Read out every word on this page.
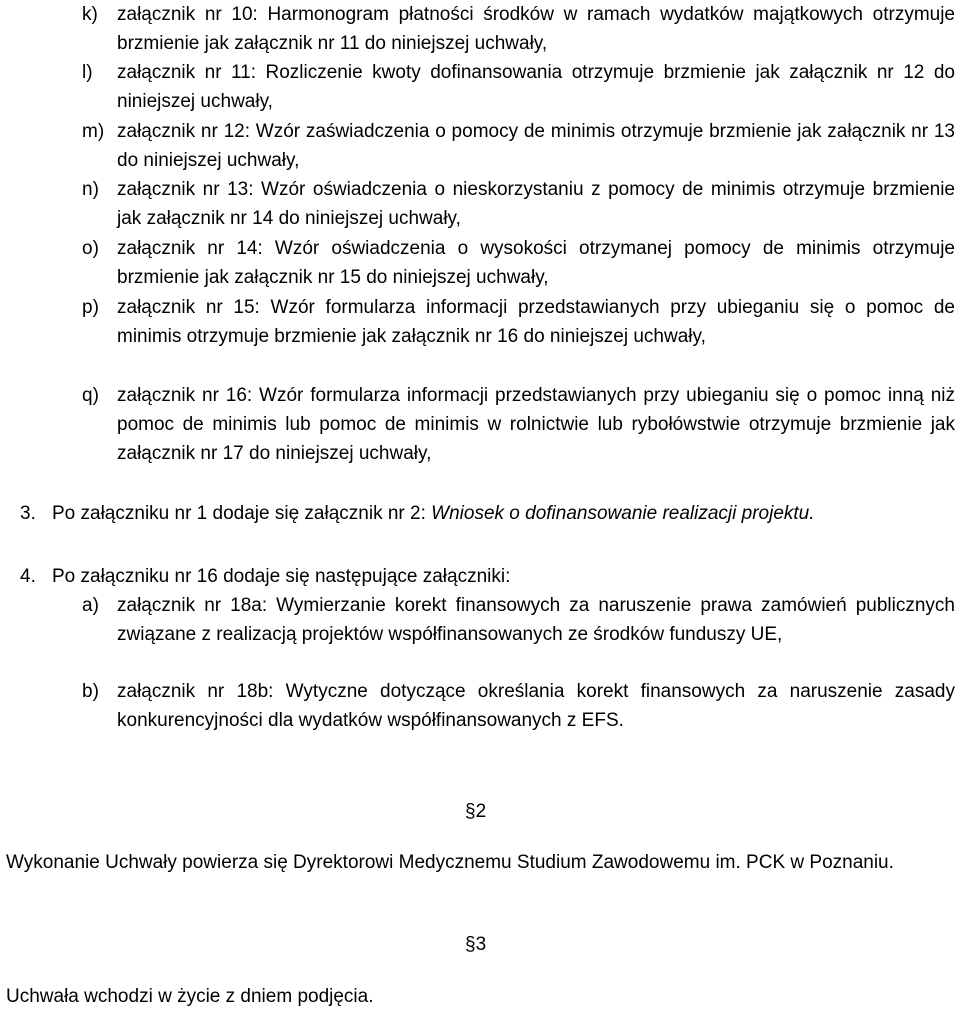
k) załącznik nr 10: Harmonogram płatności środków w ramach wydatków majątkowych otrzymuje brzmienie jak załącznik nr 11 do niniejszej uchwały,
l) załącznik nr 11: Rozliczenie kwoty dofinansowania otrzymuje brzmienie jak załącznik nr 12 do niniejszej uchwały,
m) załącznik nr 12: Wzór zaświadczenia o pomocy de minimis otrzymuje brzmienie jak załącznik nr 13 do niniejszej uchwały,
n) załącznik nr 13: Wzór oświadczenia o nieskorzystaniu z pomocy de minimis otrzymuje brzmienie jak załącznik nr 14 do niniejszej uchwały,
o) załącznik nr 14: Wzór oświadczenia o wysokości otrzymanej pomocy de minimis otrzymuje brzmienie jak załącznik nr 15 do niniejszej uchwały,
p) załącznik nr 15: Wzór formularza informacji przedstawianych przy ubieganiu się o pomoc de minimis otrzymuje brzmienie jak załącznik nr 16 do niniejszej uchwały,
q) załącznik nr 16: Wzór formularza informacji przedstawianych przy ubieganiu się o pomoc inną niż pomoc de minimis lub pomoc de minimis w rolnictwie lub rybołówstwie otrzymuje brzmienie jak załącznik nr 17 do niniejszej uchwały,
3. Po załączniku nr 1 dodaje się załącznik nr 2: Wniosek o dofinansowanie realizacji projektu.
4. Po załączniku nr 16 dodaje się następujące załączniki:
a) załącznik nr 18a: Wymierzanie korekt finansowych za naruszenie prawa zamówień publicznych związane z realizacją projektów współfinansowanych ze środków funduszy UE,
b) załącznik nr 18b: Wytyczne dotyczące określania korekt finansowych za naruszenie zasady konkurencyjności dla wydatków współfinansowanych z EFS.
§2
Wykonanie Uchwały powierza się Dyrektorowi Medycznemu Studium Zawodowemu im. PCK w Poznaniu.
§3
Uchwała wchodzi w życie z dniem podjęcia.
